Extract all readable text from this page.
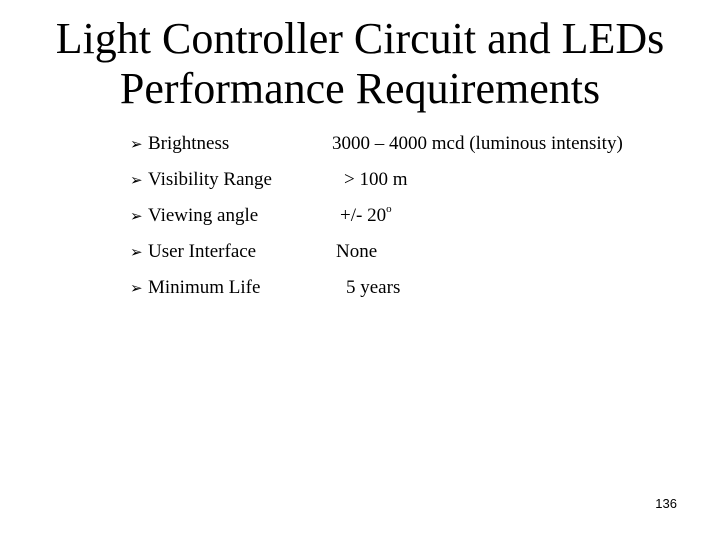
Light Controller Circuit and LEDs
Performance Requirements
➢ Brightness	3000 – 4000 mcd (luminous intensity)
➢ Visibility Range	> 100 m
➢ Viewing angle	+/- 20$^o$
➢ User Interface	None
➢ Minimum Life	5 years
136
